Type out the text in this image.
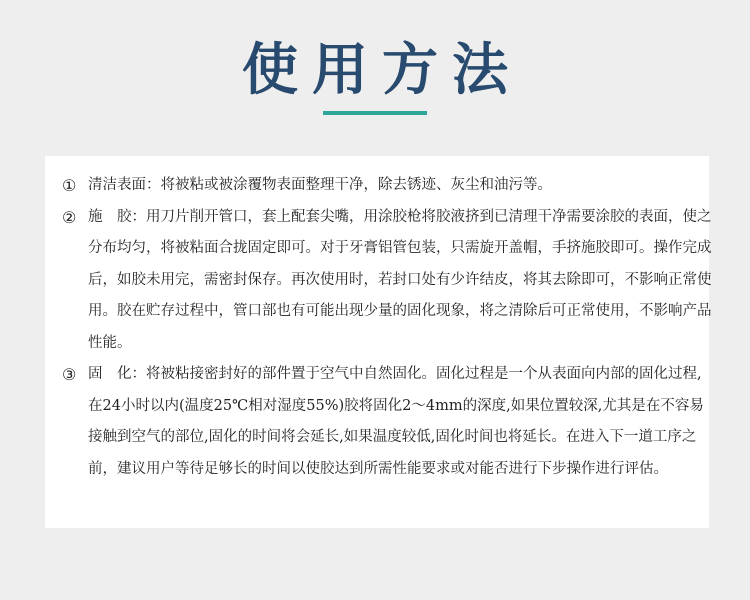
使用方法
① 清洁表面：将被粘或被涂覆物表面整理干净，除去锈迹、灰尘和油污等。
② 施　胶：用刀片削开管口，套上配套尖嘴，用涂胶枪将胶液挤到已清理干净需要涂胶的表面，使之分布均匀，将被粘面合拢固定即可。对于牙膏铝管包装，只需旋开盖帽，手挤施胶即可。操作完成后，如胶未用完，需密封保存。再次使用时，若封口处有少许结皮，将其去除即可，不影响正常使用。胶在贮存过程中，管口部也有可能出现少量的固化现象，将之清除后可正常使用，不影响产品性能。
③ 固　化：将被粘接密封好的部件置于空气中自然固化。固化过程是一个从表面向内部的固化过程,在24小时以内(温度25℃相对湿度55%)胶将固化2～4mm的深度,如果位置较深,尤其是在不容易接触到空气的部位,固化的时间将会延长,如果温度较低,固化时间也将延长。在进入下一道工序之前，建议用户等待足够长的时间以使胶达到所需性能要求或对能否进行下步操作进行评估。
